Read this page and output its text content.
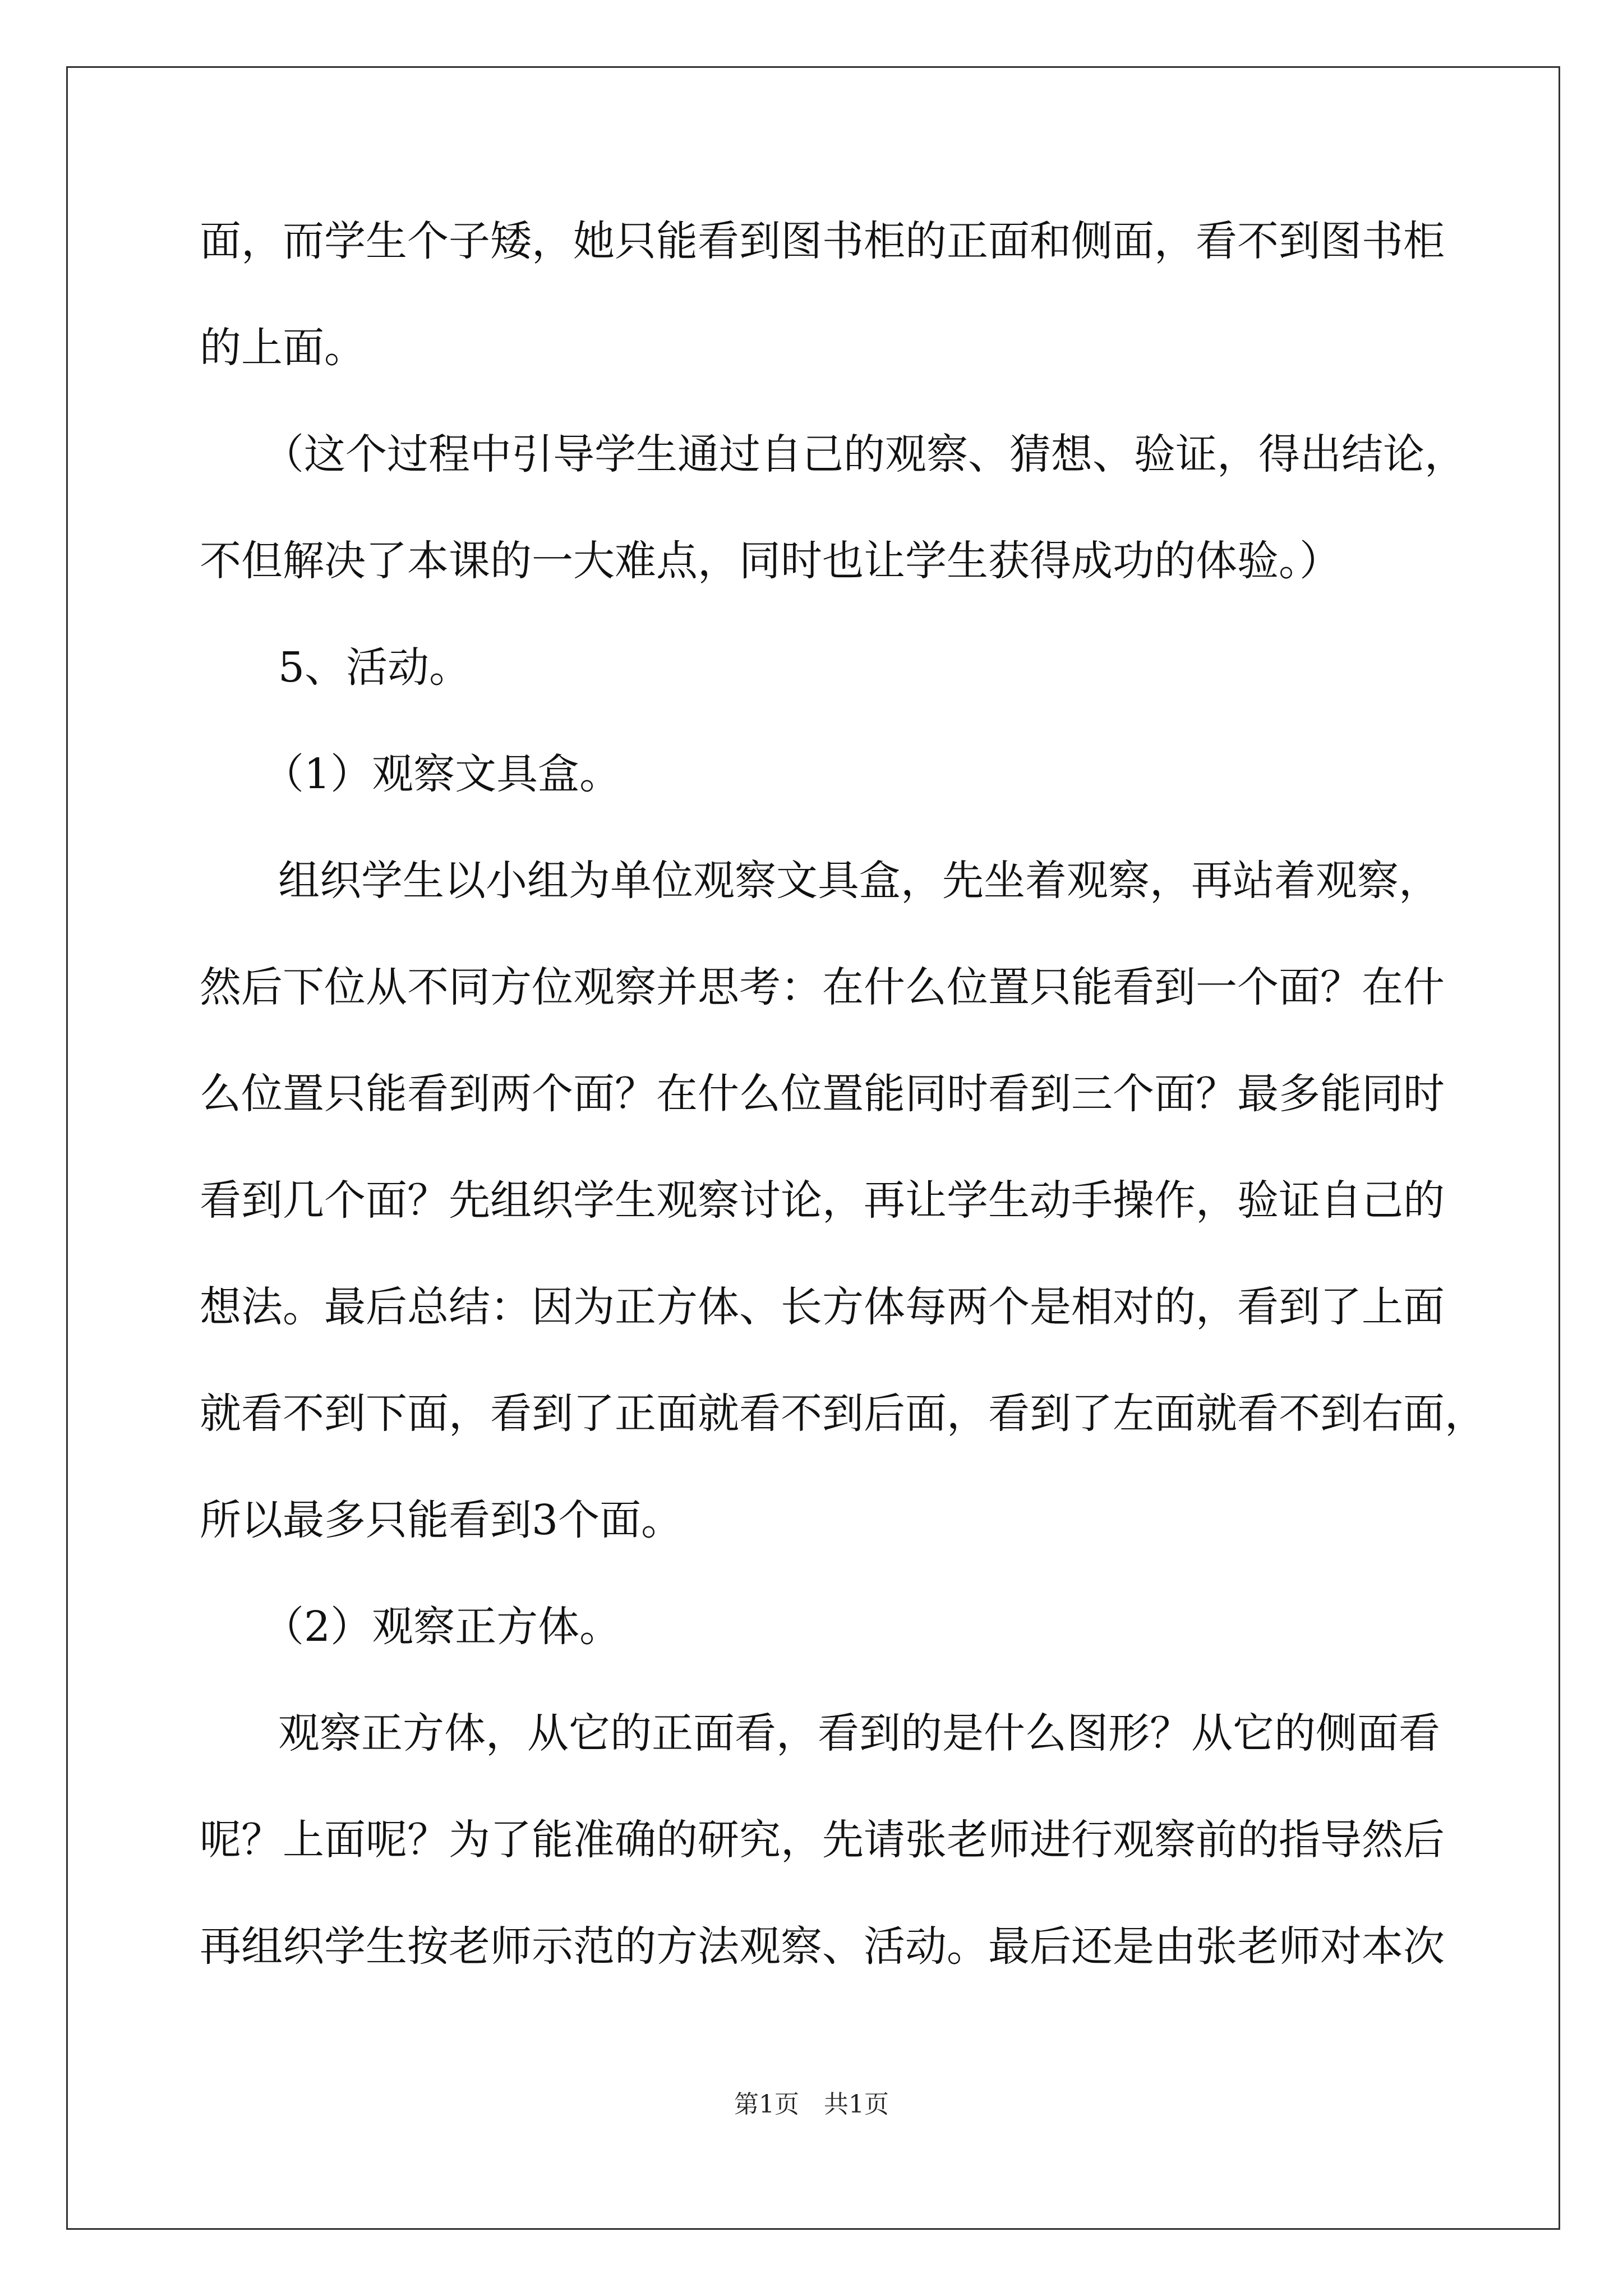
面，而学生个子矮，她只能看到图书柜的正面和侧面，看不到图书柜
的上面。
（这个过程中引导学生通过自己的观察、猜想、验证，得出结论，
不但解决了本课的一大难点，同时也让学生获得成功的体验。）
5、活动。
（1）观察文具盒。
组织学生以小组为单位观察文具盒，先坐着观察，再站着观察，
然后下位从不同方位观察并思考：在什么位置只能看到一个面？在什
么位置只能看到两个面？在什么位置能同时看到三个面？最多能同时
看到几个面？先组织学生观察讨论，再让学生动手操作，验证自己的
想法。最后总结：因为正方体、长方体每两个是相对的，看到了上面
就看不到下面，看到了正面就看不到后面，看到了左面就看不到右面，
所以最多只能看到3个面。
（2）观察正方体。
观察正方体，从它的正面看，看到的是什么图形？从它的侧面看
呢？上面呢？为了能准确的研究，先请张老师进行观察前的指导然后
再组织学生按老师示范的方法观察、活动。最后还是由张老师对本次
第1页　共1页
